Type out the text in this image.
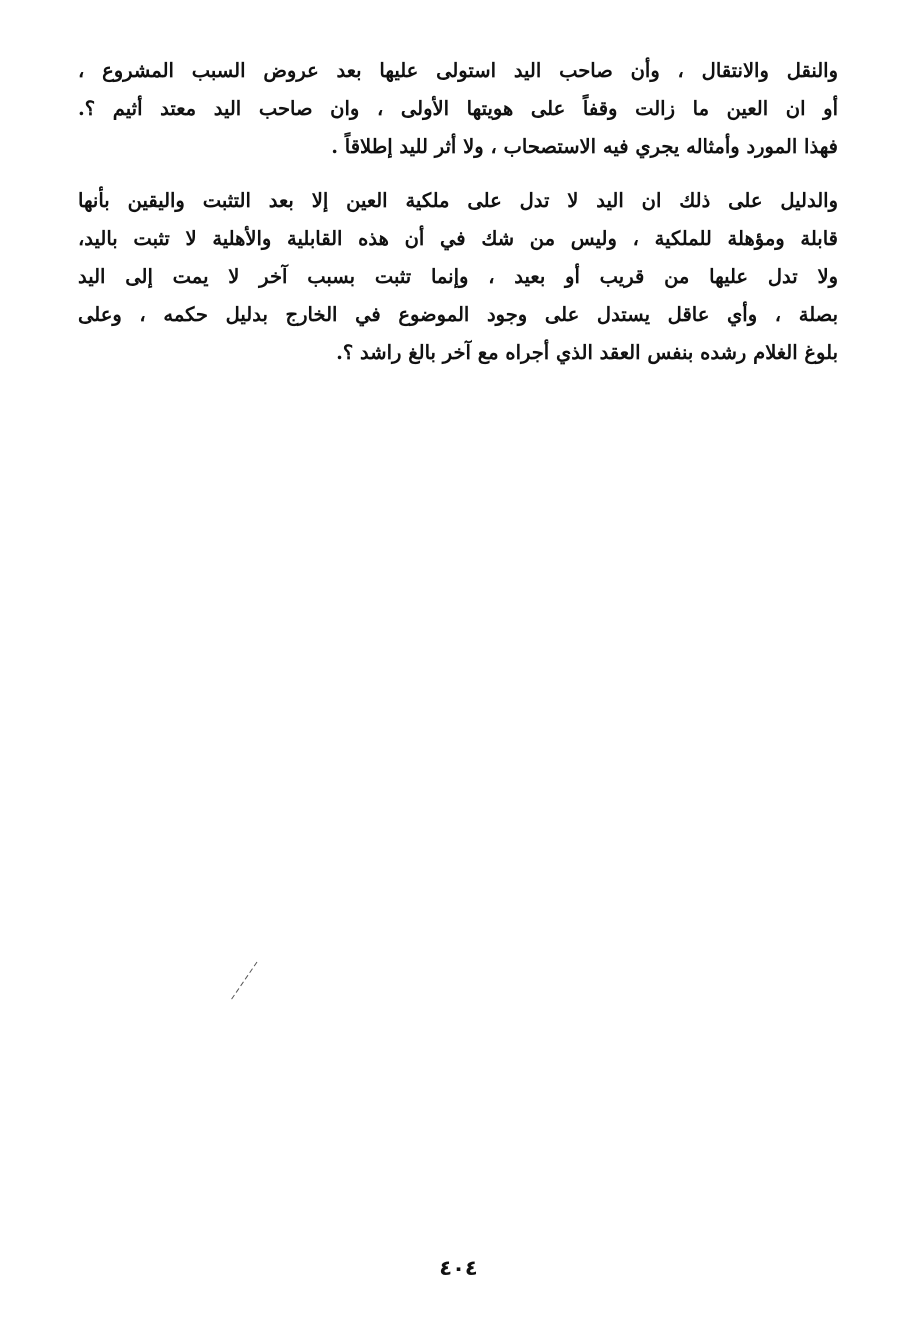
والنقل والانتقال ، وأن صاحب اليد استولى عليها بعد عروض السبب المشروع ،
أو ان العين ما زالت وقفاً على هويتها الأولى ، وان صاحب اليد معتد أثيم ؟.
فهذا المورد وأمثاله يجري فيه الاستصحاب ، ولا أثر لليد إطلاقاً .
والدليل على ذلك ان اليد لا تدل على ملكية العين إلا بعد التثبت واليقين بأنها
قابلة ومؤهلة للملكية ، وليس من شك في أن هذه القابلية والأهلية لا تثبت باليد،
ولا تدل عليها من قريب أو بعيد ، وإنما تثبت بسبب آخر لا يمت إلى اليد
بصلة ، وأي عاقل يستدل على وجود الموضوع في الخارج بدليل حكمه ، وعلى
بلوغ الغلام رشده بنفس العقد الذي أجراه مع آخر بالغ راشد ؟.
٤٠٤
